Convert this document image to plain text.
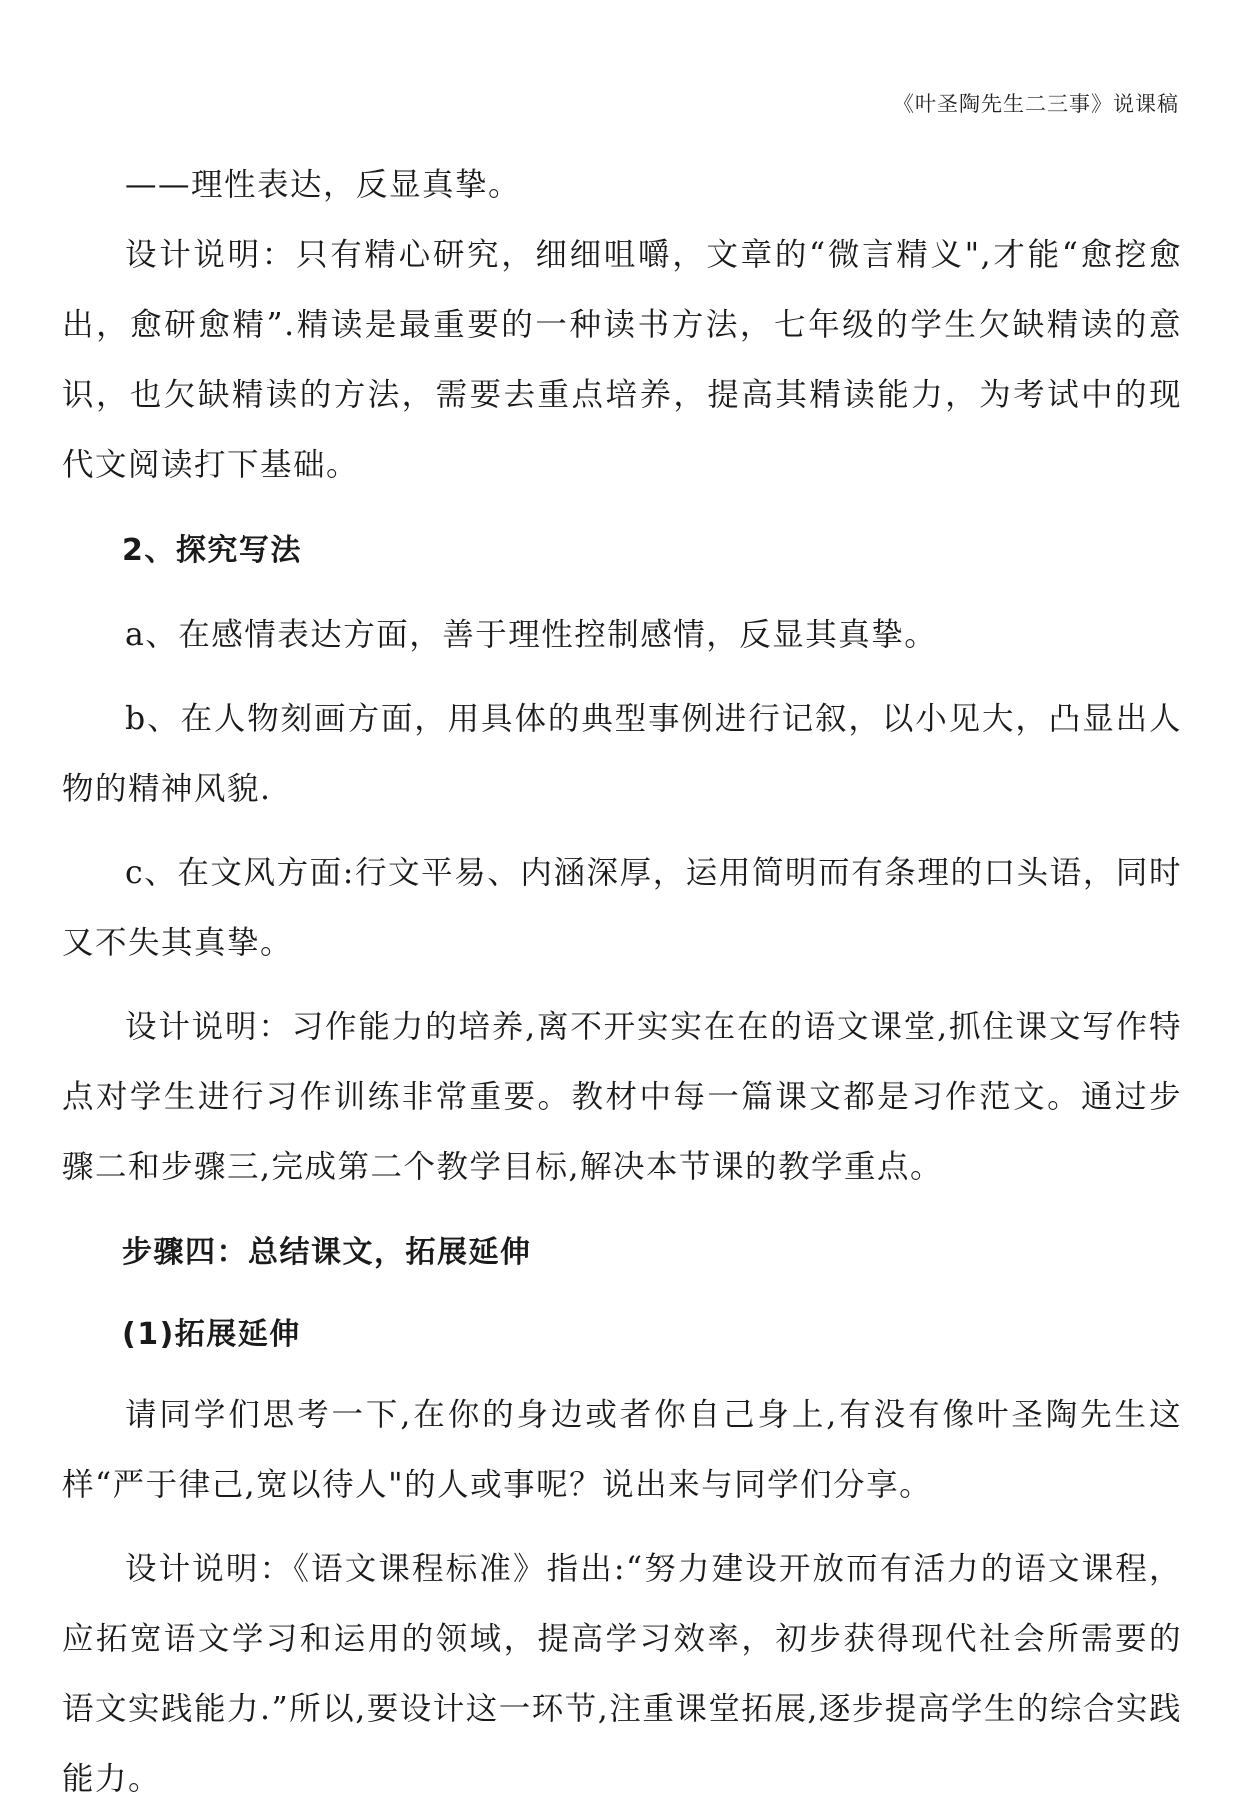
《叶圣陶先生二三事》说课稿

——理性表达，反显真挚。

设计说明：只有精心研究，细细咀嚼，文章的“微言精义",才能“愈挖愈出，愈研愈精”.精读是最重要的一种读书方法，七年级的学生欠缺精读的意识，也欠缺精读的方法，需要去重点培养，提高其精读能力，为考试中的现代文阅读打下基础。

2、探究写法

a、在感情表达方面，善于理性控制感情，反显其真挚。

b、在人物刻画方面，用具体的典型事例进行记叙，以小见大，凸显出人物的精神风貌.

c、在文风方面:行文平易、内涵深厚，运用简明而有条理的口头语，同时又不失其真挚。

设计说明：习作能力的培养,离不开实实在在的语文课堂,抓住课文写作特点对学生进行习作训练非常重要。教材中每一篇课文都是习作范文。通过步骤二和步骤三,完成第二个教学目标,解决本节课的教学重点。

步骤四：总结课文，拓展延伸
(1)拓展延伸

请同学们思考一下,在你的身边或者你自己身上,有没有像叶圣陶先生这样“严于律己,宽以待人"的人或事呢？说出来与同学们分享。

设计说明：《语文课程标准》指出:“努力建设开放而有活力的语文课程，应拓宽语文学习和运用的领域，提高学习效率，初步获得现代社会所需要的语文实践能力.”所以,要设计这一环节,注重课堂拓展,逐步提高学生的综合实践能力。
